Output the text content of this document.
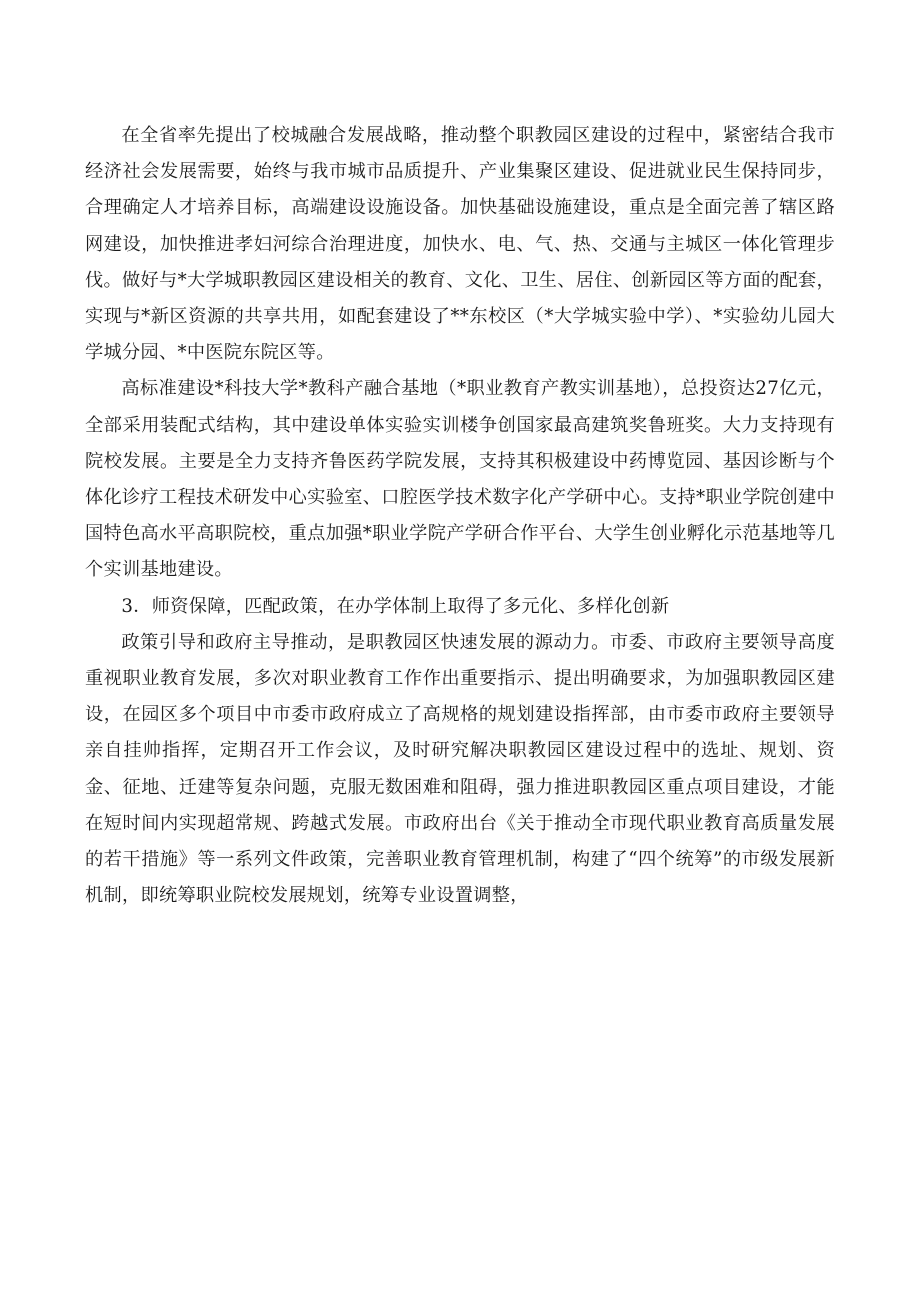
在全省率先提出了校城融合发展战略，推动整个职教园区建设的过程中，紧密结合我市经济社会发展需要，始终与我市城市品质提升、产业集聚区建设、促进就业民生保持同步，合理确定人才培养目标，高端建设设施设备。加快基础设施建设，重点是全面完善了辖区路网建设，加快推进孝妇河综合治理进度，加快水、电、气、热、交通与主城区一体化管理步伐。做好与*大学城职教园区建设相关的教育、文化、卫生、居住、创新园区等方面的配套，实现与*新区资源的共享共用，如配套建设了**东校区（*大学城实验中学）、*实验幼儿园大学城分园、*中医院东院区等。

高标准建设*科技大学*教科产融合基地（*职业教育产教实训基地），总投资达27亿元，全部采用装配式结构，其中建设单体实验实训楼争创国家最高建筑奖鲁班奖。大力支持现有院校发展。主要是全力支持齐鲁医药学院发展，支持其积极建设中药博览园、基因诊断与个体化诊疗工程技术研发中心实验室、口腔医学技术数字化产学研中心。支持*职业学院创建中国特色高水平高职院校，重点加强*职业学院产学研合作平台、大学生创业孵化示范基地等几个实训基地建设。

3．师资保障，匹配政策，在办学体制上取得了多元化、多样化创新

政策引导和政府主导推动，是职教园区快速发展的源动力。市委、市政府主要领导高度重视职业教育发展，多次对职业教育工作作出重要指示、提出明确要求，为加强职教园区建设，在园区多个项目中市委市政府成立了高规格的规划建设指挥部，由市委市政府主要领导亲自挂帅指挥，定期召开工作会议，及时研究解决职教园区建设过程中的选址、规划、资金、征地、迁建等复杂问题，克服无数困难和阻碍，强力推进职教园区重点项目建设，才能在短时间内实现超常规、跨越式发展。市政府出台《关于推动全市现代职业教育高质量发展的若干措施》等一系列文件政策，完善职业教育管理机制，构建了“四个统筹”的市级发展新机制，即统筹职业院校发展规划，统筹专业设置调整，
